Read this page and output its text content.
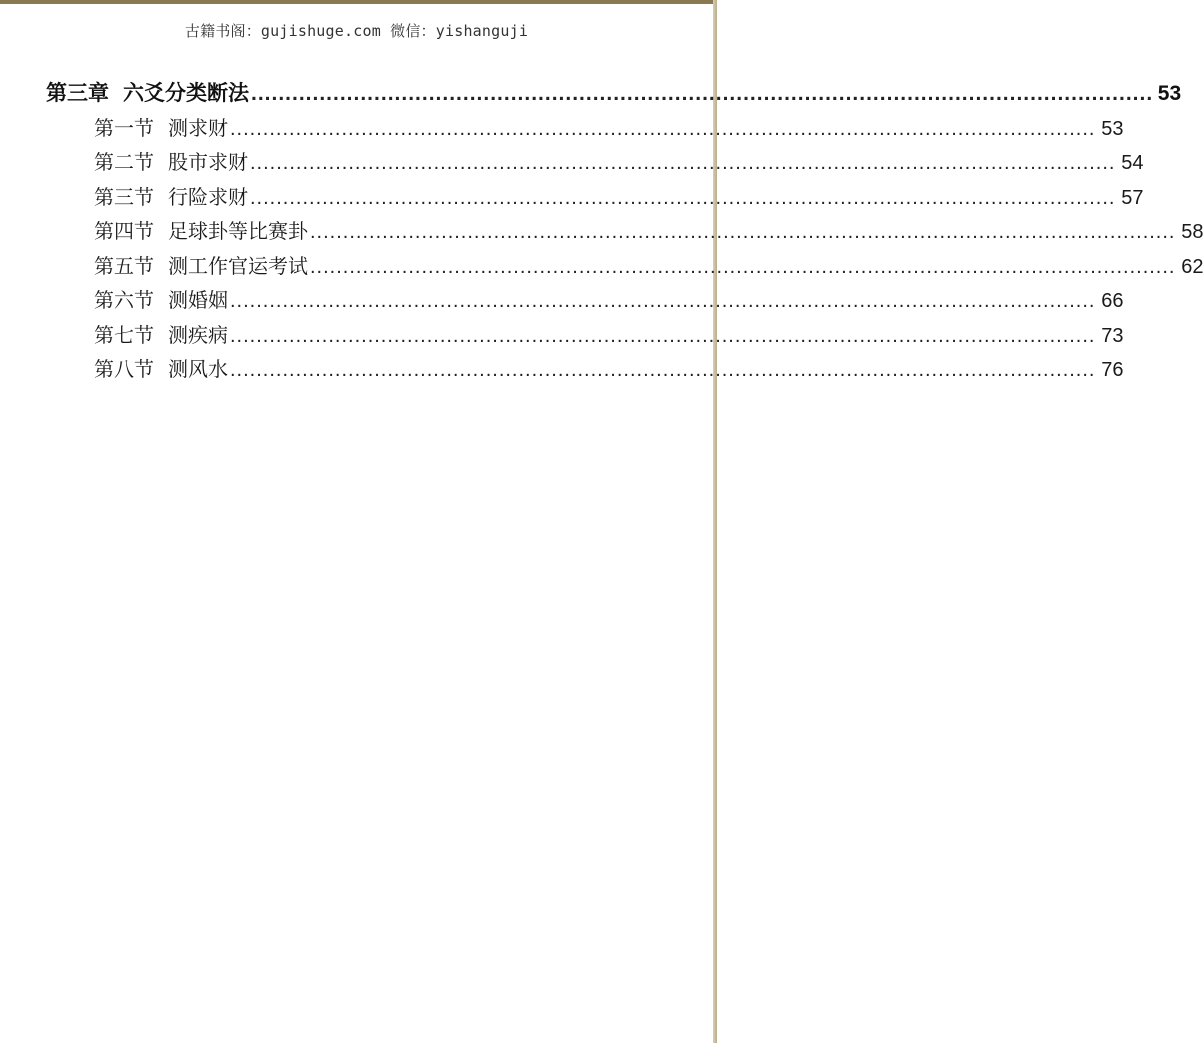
古籍书阁：gujishuge.com 微信：yishanguji
第三章 六爻分类断法 .................................................................................................................................... 53
第一节 测求财 .................................................................................................................................... 53
第二节 股市求财 .................................................................................................................................... 54
第三节 行险求财 .................................................................................................................................... 57
第四节 足球卦等比赛卦 .................................................................................................................................... 58
第五节 测工作官运考试 .................................................................................................................................... 62
第六节 测婚姻 .................................................................................................................................... 66
第七节 测疾病 .................................................................................................................................... 73
第八节 测风水 .................................................................................................................................... 76
